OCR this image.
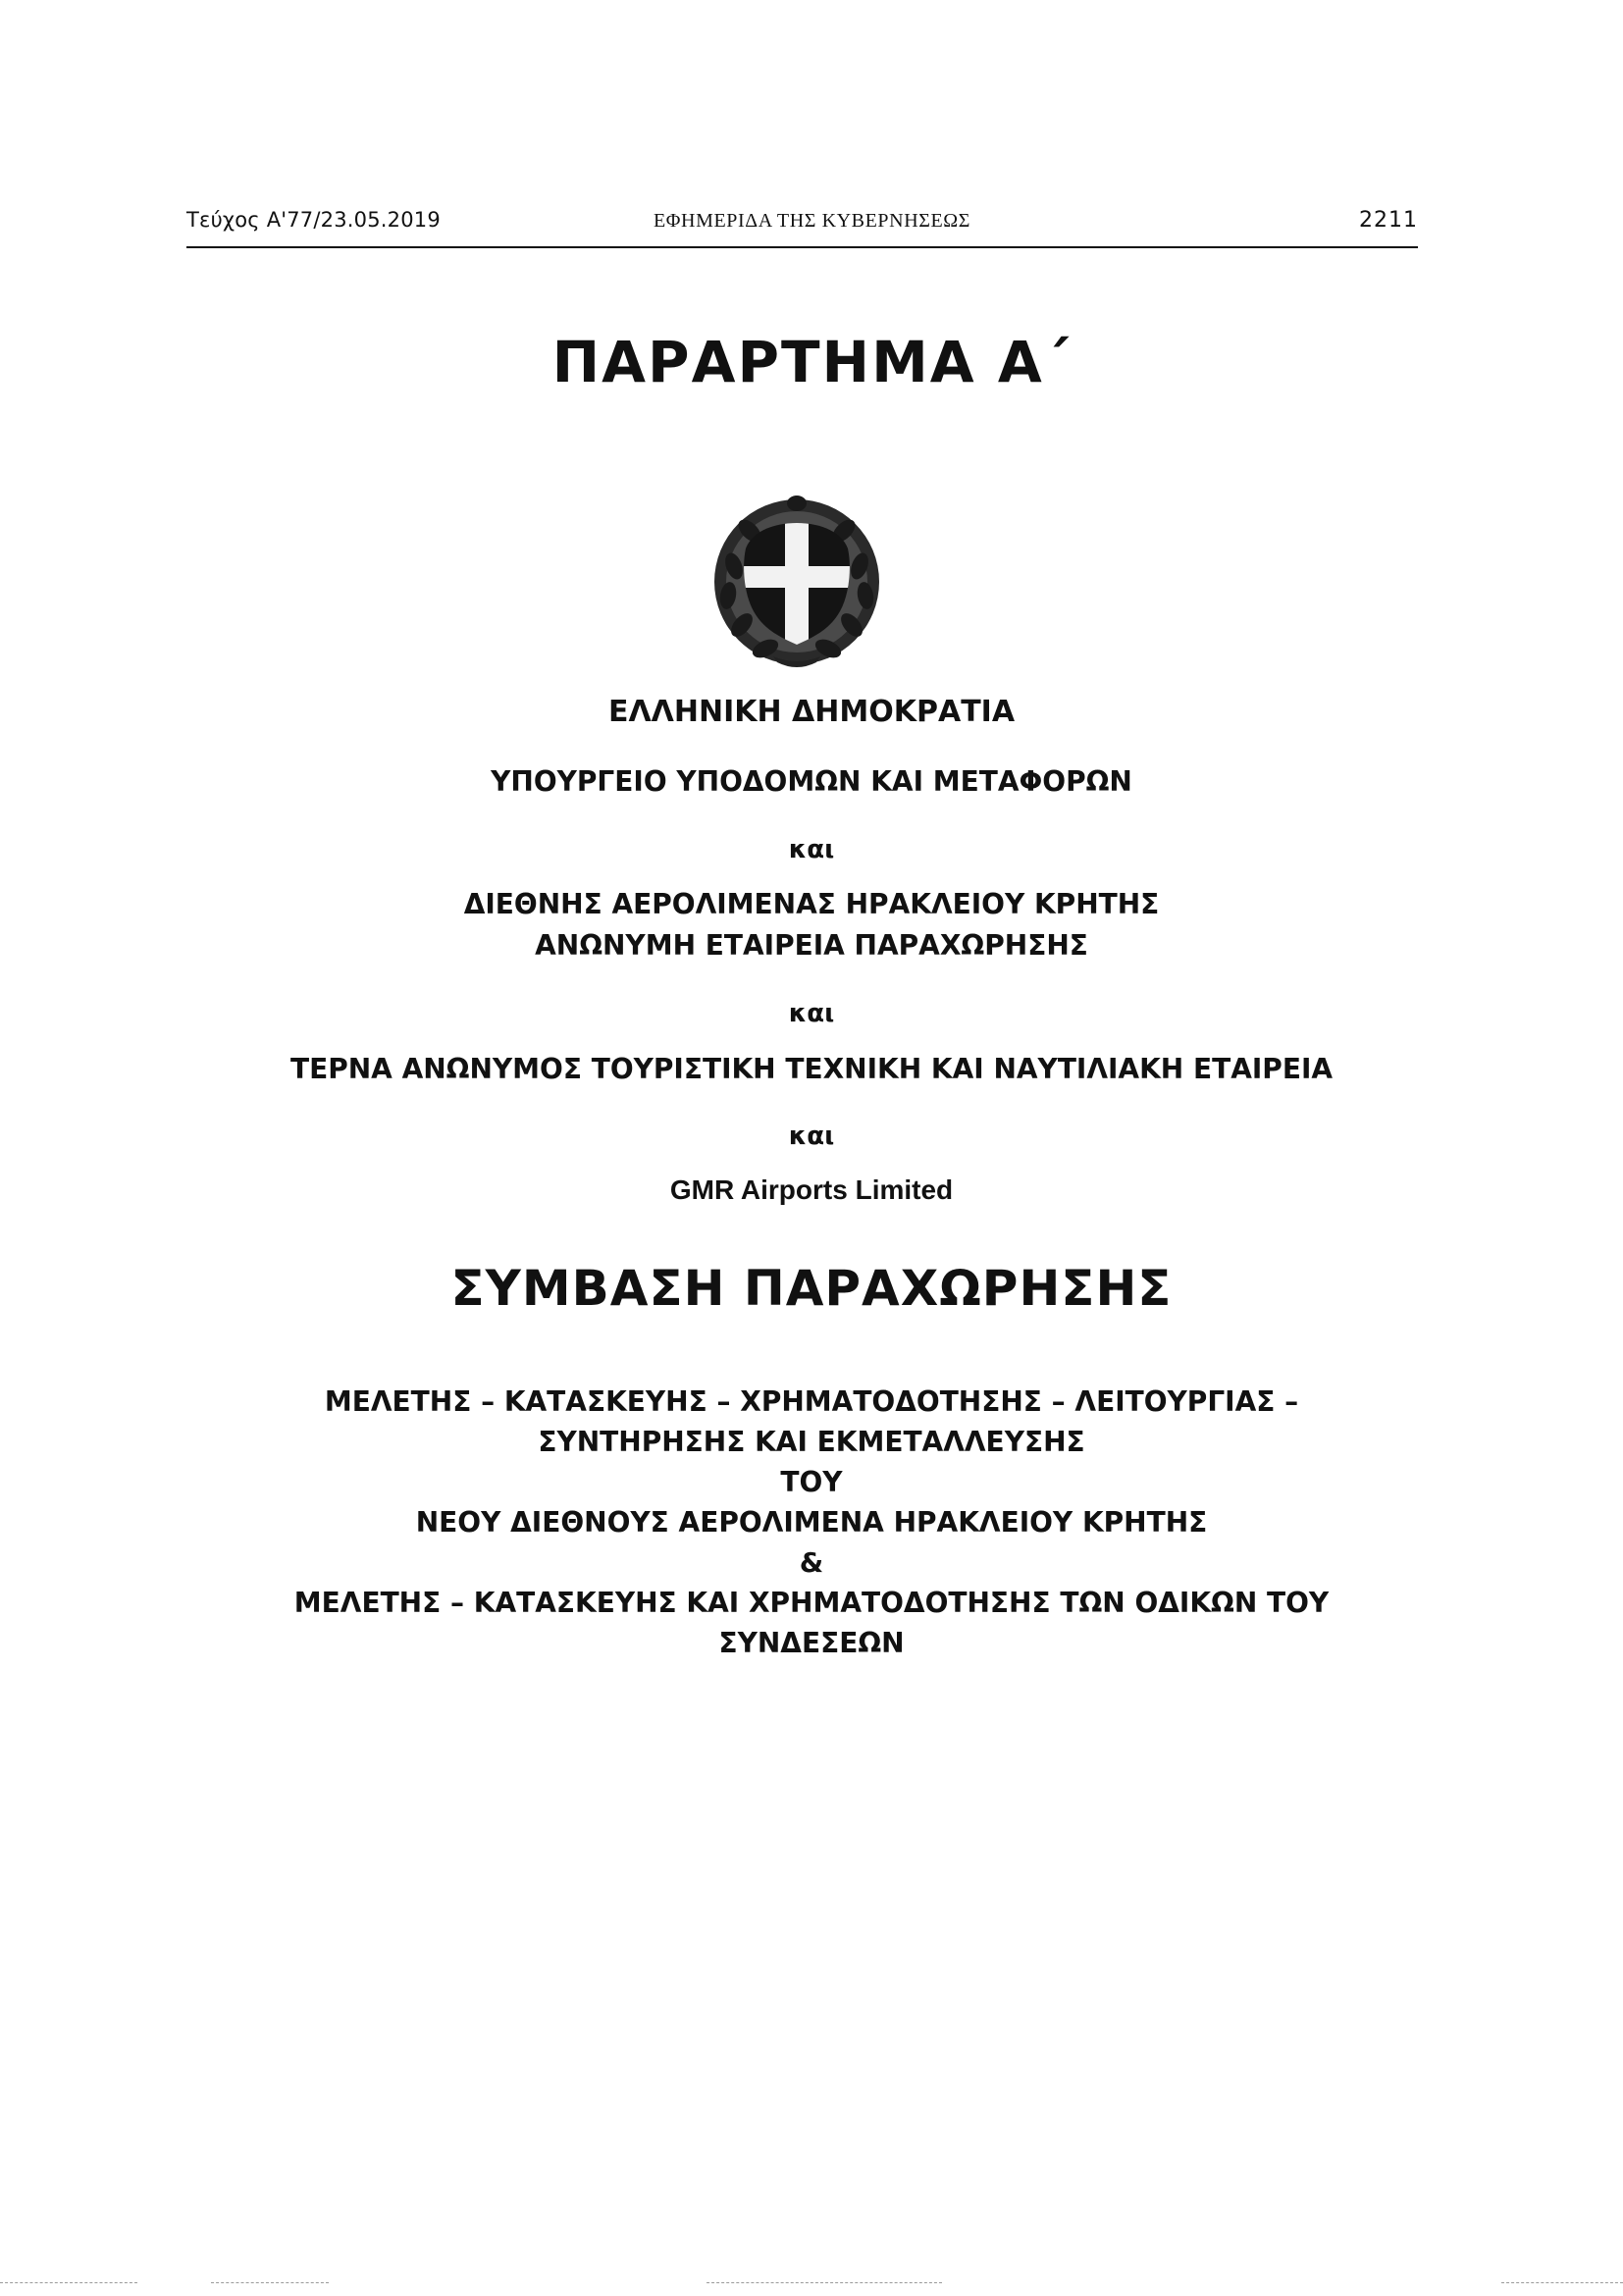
Τεύχος Α'77/23.05.2019	ΕΦΗΜΕΡΙΔΑ ΤΗΣ ΚΥΒΕΡΝΗΣΕΩΣ	2211
ΠΑΡΑΡΤΗΜΑ Α΄
ΕΛΛΗΝΙΚΗ ΔΗΜΟΚΡΑΤΙΑ
ΥΠΟΥΡΓΕΙΟ ΥΠΟΔΟΜΩΝ ΚΑΙ ΜΕΤΑΦΟΡΩΝ
και
ΔΙΕΘΝΗΣ ΑΕΡΟΛΙΜΕΝΑΣ ΗΡΑΚΛΕΙΟΥ ΚΡΗΤΗΣ
ΑΝΩΝΥΜΗ ΕΤΑΙΡΕΙΑ ΠΑΡΑΧΩΡΗΣΗΣ
και
ΤΕΡΝΑ ΑΝΩΝΥΜΟΣ ΤΟΥΡΙΣΤΙΚΗ ΤΕΧΝΙΚΗ ΚΑΙ ΝΑΥΤΙΛΙΑΚΗ ΕΤΑΙΡΕΙΑ
και
GMR Airports Limited
ΣΥΜΒΑΣΗ ΠΑΡΑΧΩΡΗΣΗΣ
ΜΕΛΕΤΗΣ – ΚΑΤΑΣΚΕΥΗΣ – ΧΡΗΜΑΤΟΔΟΤΗΣΗΣ – ΛΕΙΤΟΥΡΓΙΑΣ –
ΣΥΝΤΗΡΗΣΗΣ ΚΑΙ ΕΚΜΕΤΑΛΛΕΥΣΗΣ
ΤΟΥ
ΝΕΟΥ ΔΙΕΘΝΟΥΣ ΑΕΡΟΛΙΜΕΝΑ ΗΡΑΚΛΕΙΟΥ ΚΡΗΤΗΣ
&
ΜΕΛΕΤΗΣ – ΚΑΤΑΣΚΕΥΗΣ ΚΑΙ ΧΡΗΜΑΤΟΔΟΤΗΣΗΣ ΤΩΝ ΟΔΙΚΩΝ ΤΟΥ
ΣΥΝΔΕΣΕΩΝ
